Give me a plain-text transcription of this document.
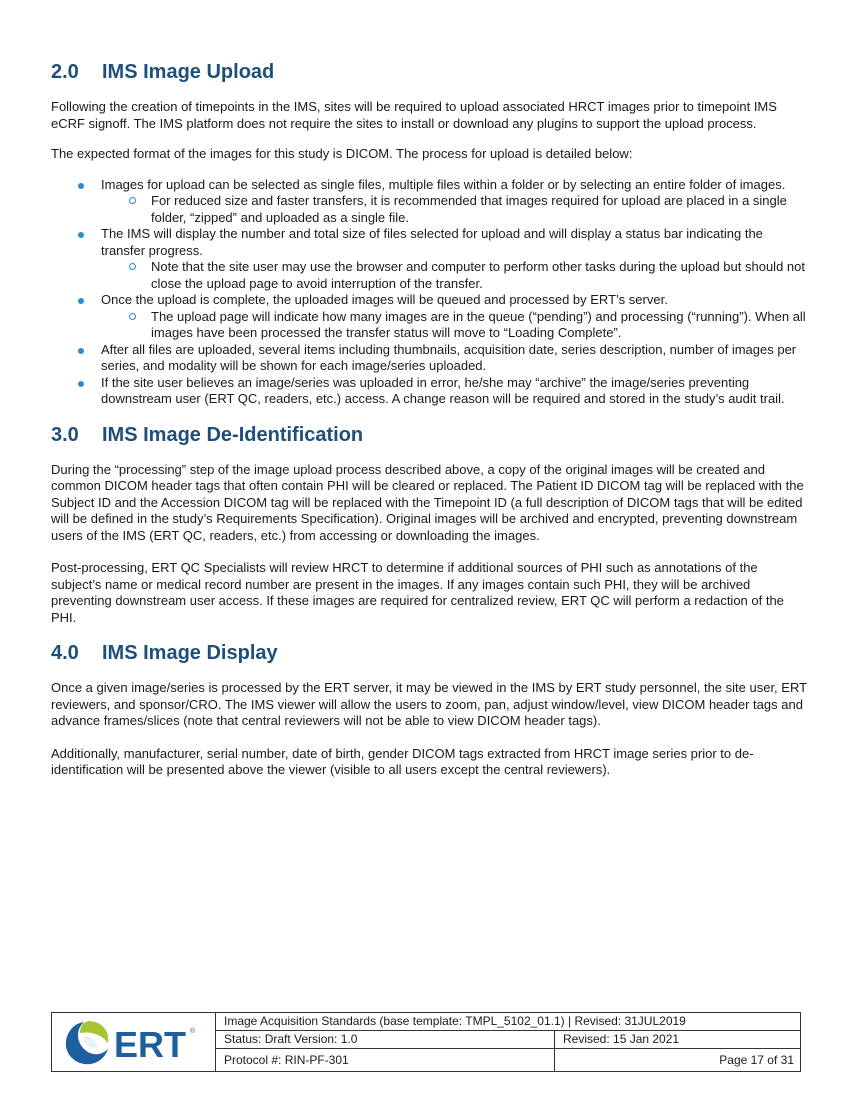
2.0	IMS Image Upload

Following the creation of timepoints in the IMS, sites will be required to upload associated HRCT images prior to timepoint IMS eCRF signoff. The IMS platform does not require the sites to install or download any plugins to support the upload process.

The expected format of the images for this study is DICOM. The process for upload is detailed below:

Images for upload can be selected as single files, multiple files within a folder or by selecting an entire folder of images.
For reduced size and faster transfers, it is recommended that images required for upload are placed in a single folder, “zipped” and uploaded as a single file.
The IMS will display the number and total size of files selected for upload and will display a status bar indicating the transfer progress.
Note that the site user may use the browser and computer to perform other tasks during the upload but should not close the upload page to avoid interruption of the transfer.
Once the upload is complete, the uploaded images will be queued and processed by ERT’s server.
The upload page will indicate how many images are in the queue (“pending”) and processing (“running”). When all images have been processed the transfer status will move to “Loading Complete”.
After all files are uploaded, several items including thumbnails, acquisition date, series description, number of images per series, and modality will be shown for each image/series uploaded.
If the site user believes an image/series was uploaded in error, he/she may “archive” the image/series preventing downstream user (ERT QC, readers, etc.) access. A change reason will be required and stored in the study’s audit trail.
3.0	IMS Image De-Identification

During the “processing” step of the image upload process described above, a copy of the original images will be created and common DICOM header tags that often contain PHI will be cleared or replaced. The Patient ID DICOM tag will be replaced with the Subject ID and the Accession DICOM tag will be replaced with the Timepoint ID (a full description of DICOM tags that will be edited will be defined in the study’s Requirements Specification). Original images will be archived and encrypted, preventing downstream users of the IMS (ERT QC, readers, etc.) from accessing or downloading the images.

Post-processing, ERT QC Specialists will review HRCT to determine if additional sources of PHI such as annotations of the subject’s name or medical record number are present in the images. If any images contain such PHI, they will be archived preventing downstream user access. If these images are required for centralized review, ERT QC will perform a redaction of the PHI.

4.0	IMS Image Display

Once a given image/series is processed by the ERT server, it may be viewed in the IMS by ERT study personnel, the site user, ERT reviewers, and sponsor/CRO. The IMS viewer will allow the users to zoom, pan, adjust window/level, view DICOM header tags and advance frames/slices (note that central reviewers will not be able to view DICOM header tags).

Additionally, manufacturer, serial number, date of birth, gender DICOM tags extracted from HRCT image series prior to de-identification will be presented above the viewer (visible to all users except the central reviewers).

ERT ®
Image Acquisition Standards (base template: TMPL_5102_01.1) | Revised: 31JUL2019
Status: Draft Version: 1.0	Revised: 15 Jan 2021
Protocol #: RIN-PF-301	Page 17 of 31
